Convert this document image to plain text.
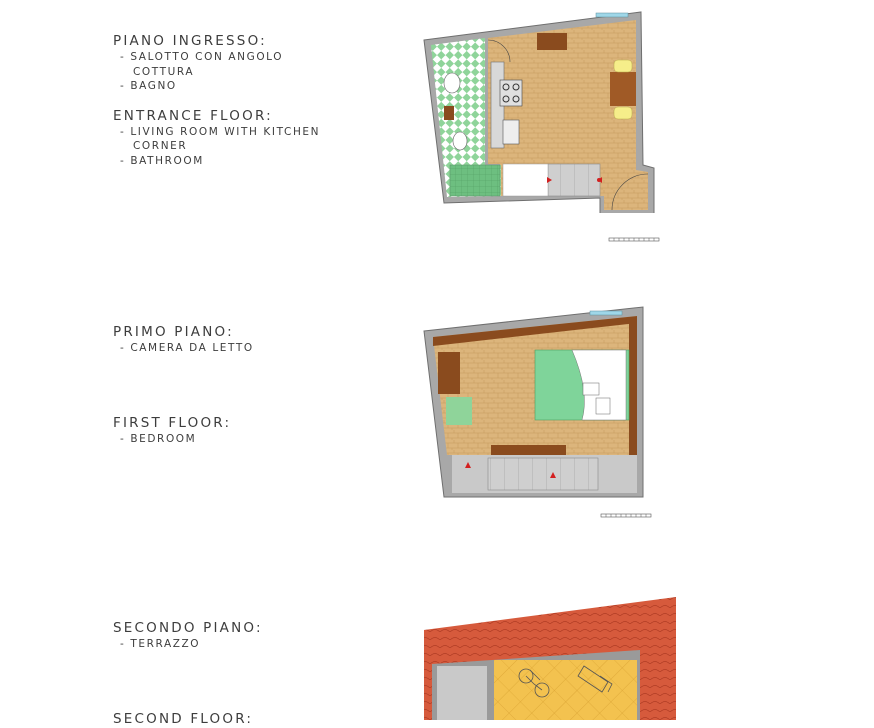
PIANO INGRESSO:
- SALOTTO CON ANGOLO
COTTURA
- BAGNO
ENTRANCE FLOOR:
- LIVING ROOM WITH KITCHEN
CORNER
- BATHROOM
PRIMO PIANO:
- CAMERA DA LETTO
FIRST FLOOR:
- BEDROOM
SECONDO PIANO:
- TERRAZZO
SECOND FLOOR:
